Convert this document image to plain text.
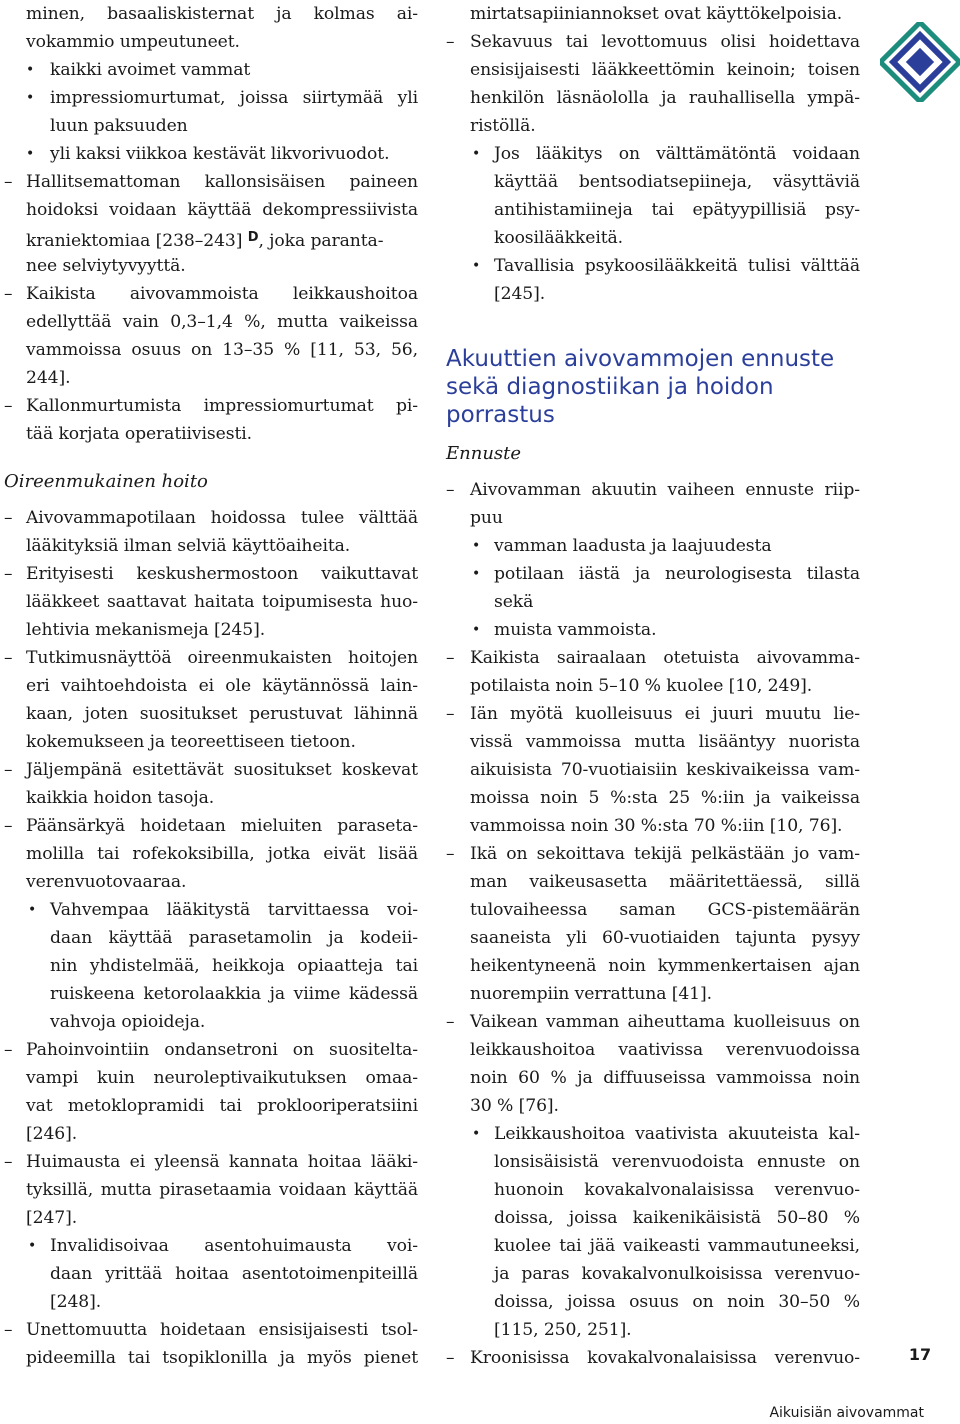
minen, basaaliskisternat ja kolmas ai-
vokammio umpeutuneet.
• kaikki avoimet vammat
• impressiomurtumat, joissa siirtymää yli
luun paksuuden
• yli kaksi viikkoa kestävät likvorivuodot.
– Hallitsemattoman kallonsisäisen paineen
hoidoksi voidaan käyttää dekompressiivista
kraniektomiaa [238–243] $^D$, joka paranta-
nee selviytyvyyttä.
– Kaikista aivovammoista leikkaushoitoa
edellyttää vain 0,3–1,4 %, mutta vaikeissa
vammoissa osuus on 13–35 % [11, 53, 56,
244].
– Kallonmurtumista impressiomurtumat pi-
tää korjata operatiivisesti.
Oireenmukainen hoito
– Aivovammapotilaan hoidossa tulee välttää
lääkityksiä ilman selviä käyttöaiheita.
– Erityisesti keskushermostoon vaikuttavat
lääkkeet saattavat haitata toipumisesta huo-
lehtivia mekanismeja [245].
– Tutkimusnäyttöä oireenmukaisten hoitojen
eri vaihtoehdoista ei ole käytännössä lain-
kaan, joten suositukset perustuvat lähinnä
kokemukseen ja teoreettiseen tietoon.
– Jäljempänä esitettävät suositukset koskevat
kaikkia hoidon tasoja.
– Päänsärkyä hoidetaan mieluiten paraseta-
molilla tai rofekoksibilla, jotka eivät lisää
verenvuotovaaraa.
• Vahvempaa lääkitystä tarvittaessa voi-
daan käyttää parasetamolin ja kodeii-
nin yhdistelmää, heikkoja opiaatteja tai
ruiskeena ketorolaakkia ja viime kädessä
vahvoja opioideja.
– Pahoinvointiin ondansetroni on suositelta-
vampi kuin neuroleptivaikutuksen omaa-
vat metoklopramidi tai proklooriperatsiini
[246].
– Huimausta ei yleensä kannata hoitaa lääki-
tyksillä, mutta pirasetaamia voidaan käyttää
[247].
• Invalidisoivaa asentohuimausta voi-
daan yrittää hoitaa asentotoimenpiteillä
[248].
– Unettomuutta hoidetaan ensisijaisesti tsol-
pideemilla tai tsopiklonilla ja myös pienet
mirtatsapiiniannokset ovat käyttökelpoisia.
– Sekavuus tai levottomuus olisi hoidettava
ensisijaisesti lääkkeettömin keinoin; toisen
henkilön läsnäololla ja rauhallisella ympä-
ristöllä.
• Jos lääkitys on välttämätöntä voidaan
käyttää bentsodiatsepiineja, väsyttäviä
antihistamiineja tai epätyypillisiä psy-
koosilääkkeitä.
• Tavallisia psykoosilääkkeitä tulisi välttää
[245].
Akuuttien aivovammojen ennuste
sekä diagnostiikan ja hoidon
porrastus
Ennuste
– Aivovamman akuutin vaiheen ennuste riip-
puu
• vamman laadusta ja laajuudesta
• potilaan iästä ja neurologisesta tilasta
sekä
• muista vammoista.
– Kaikista sairaalaan otetuista aivovamma-
potilaista noin 5–10 % kuolee [10, 249].
– Iän myötä kuolleisuus ei juuri muutu lie-
vissä vammoissa mutta lisääntyy nuorista
aikuisista 70-vuotiaisiin keskivaikeissa vam-
moissa noin 5 %:sta 25 %:iin ja vaikeissa
vammoissa noin 30 %:sta 70 %:iin [10, 76].
– Ikä on sekoittava tekijä pelkästään jo vam-
man vaikeusasetta määritettäessä, sillä
tulovaiheessa saman GCS-pistemäärän
saaneista yli 60-vuotiaiden tajunta pysyy
heikentyneenä noin kymmenkertaisen ajan
nuorempiin verrattuna [41].
– Vaikean vamman aiheuttama kuolleisuus on
leikkaushoitoa vaativissa verenvuodoissa
noin 60 % ja diffuuseissa vammoissa noin
30 % [76].
• Leikkaushoitoa vaativista akuuteista kal-
lonsisäisistä verenvuodoista ennuste on
huonoin kovakalvonalaisissa verenvuo-
doissa, joissa kaikenikäisistä 50–80 %
kuolee tai jää vaikeasti vammautuneeksi,
ja paras kovakalvonulkoisissa verenvuo-
doissa, joissa osuus on noin 30–50 %
[115, 250, 251].
– Kroonisissa kovakalvonalaisissa verenvuo-	17
Aikuisiän aivovammat
